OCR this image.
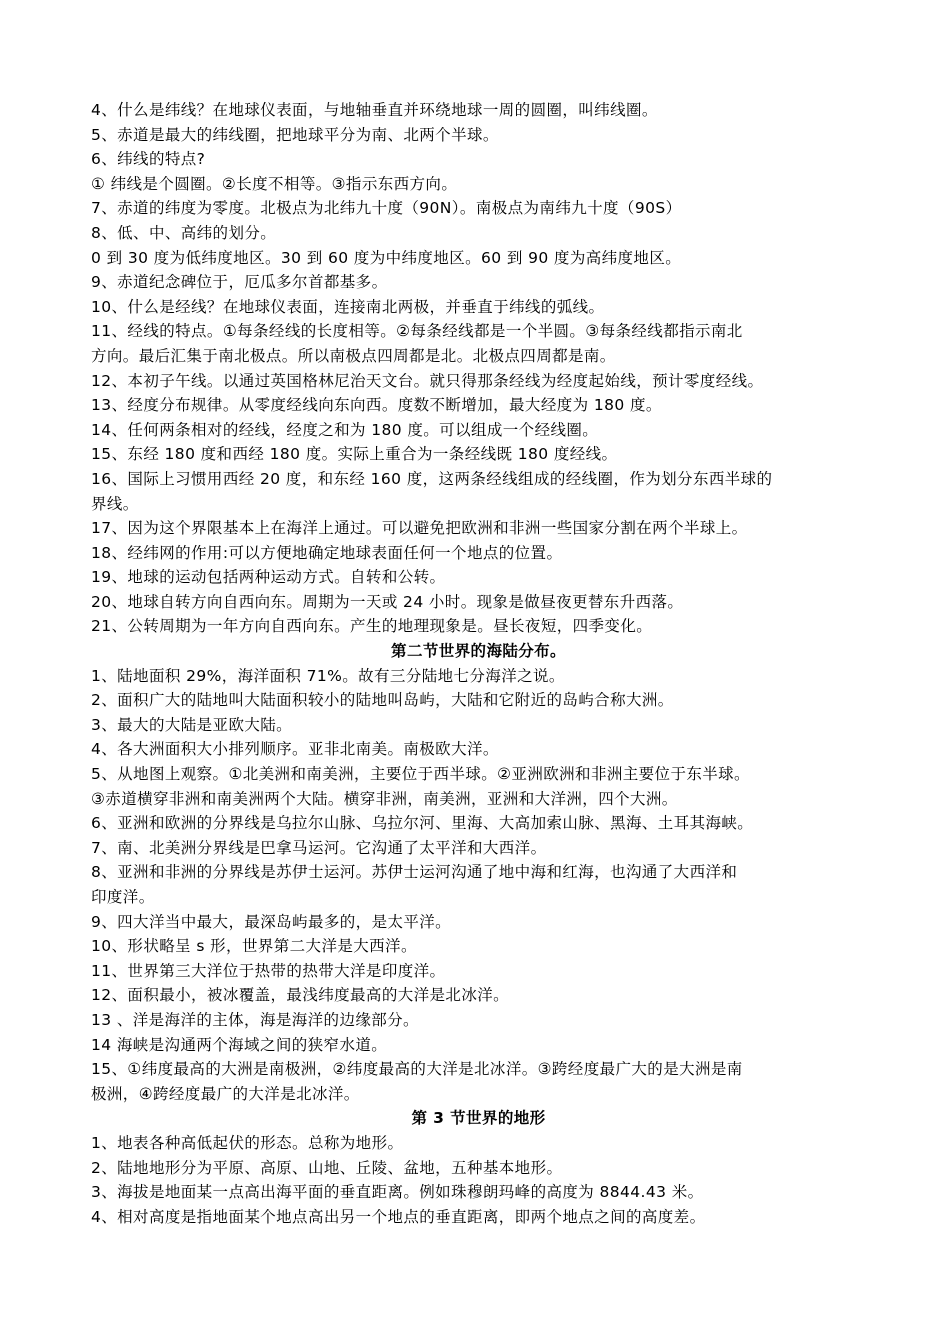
4、什么是纬线？在地球仪表面，与地轴垂直并环绕地球一周的圆圈，叫纬线圈。
5、赤道是最大的纬线圈，把地球平分为南、北两个半球。
6、纬线的特点?
① 纬线是个圆圈。②长度不相等。③指示东西方向。
7、赤道的纬度为零度。北极点为北纬九十度（90N）。南极点为南纬九十度（90S）
8、低、中、高纬的划分。
0 到 30 度为低纬度地区。30 到 60 度为中纬度地区。60 到 90 度为高纬度地区。
9、赤道纪念碑位于，厄瓜多尔首都基多。
10、什么是经线？在地球仪表面，连接南北两极，并垂直于纬线的弧线。
11、经线的特点。①每条经线的长度相等。②每条经线都是一个半圆。③每条经线都指示南北
方向。最后汇集于南北极点。所以南极点四周都是北。北极点四周都是南。
12、本初子午线。以通过英国格林尼治天文台。就只得那条经线为经度起始线，预计零度经线。
13、经度分布规律。从零度经线向东向西。度数不断增加，最大经度为 180 度。
14、任何两条相对的经线，经度之和为 180 度。可以组成一个经线圈。
15、东经 180 度和西经 180 度。实际上重合为一条经线既 180 度经线。
16、国际上习惯用西经 20 度，和东经 160 度，这两条经线组成的经线圈，作为划分东西半球的
界线。
17、因为这个界限基本上在海洋上通过。可以避免把欧洲和非洲一些国家分割在两个半球上。
18、经纬网的作用:可以方便地确定地球表面任何一个地点的位置。
19、地球的运动包括两种运动方式。自转和公转。
20、地球自转方向自西向东。周期为一天或 24 小时。现象是做昼夜更替东升西落。
21、公转周期为一年方向自西向东。产生的地理现象是。昼长夜短，四季变化。
第二节世界的海陆分布。
1、陆地面积 29%，海洋面积 71%。故有三分陆地七分海洋之说。
2、面积广大的陆地叫大陆面积较小的陆地叫岛屿，大陆和它附近的岛屿合称大洲。
3、最大的大陆是亚欧大陆。
4、各大洲面积大小排列顺序。亚非北南美。南极欧大洋。
5、从地图上观察。①北美洲和南美洲，主要位于西半球。②亚洲欧洲和非洲主要位于东半球。
③赤道横穿非洲和南美洲两个大陆。横穿非洲，南美洲，亚洲和大洋洲，四个大洲。
6、亚洲和欧洲的分界线是乌拉尔山脉、乌拉尔河、里海、大高加索山脉、黑海、土耳其海峡。
7、南、北美洲分界线是巴拿马运河。它沟通了太平洋和大西洋。
8、亚洲和非洲的分界线是苏伊士运河。苏伊士运河沟通了地中海和红海，也沟通了大西洋和
印度洋。
9、四大洋当中最大，最深岛屿最多的，是太平洋。
10、形状略呈 s 形，世界第二大洋是大西洋。
11、世界第三大洋位于热带的热带大洋是印度洋。
12、面积最小，被冰覆盖，最浅纬度最高的大洋是北冰洋。
13 、洋是海洋的主体，海是海洋的边缘部分。
14 海峡是沟通两个海域之间的狭窄水道。
15、①纬度最高的大洲是南极洲，②纬度最高的大洋是北冰洋。③跨经度最广大的是大洲是南
极洲，④跨经度最广的大洋是北冰洋。
第 3 节世界的地形
1、地表各种高低起伏的形态。总称为地形。
2、陆地地形分为平原、高原、山地、丘陵、盆地，五种基本地形。
3、海拔是地面某一点高出海平面的垂直距离。例如珠穆朗玛峰的高度为 8844.43 米。
4、相对高度是指地面某个地点高出另一个地点的垂直距离，即两个地点之间的高度差。
